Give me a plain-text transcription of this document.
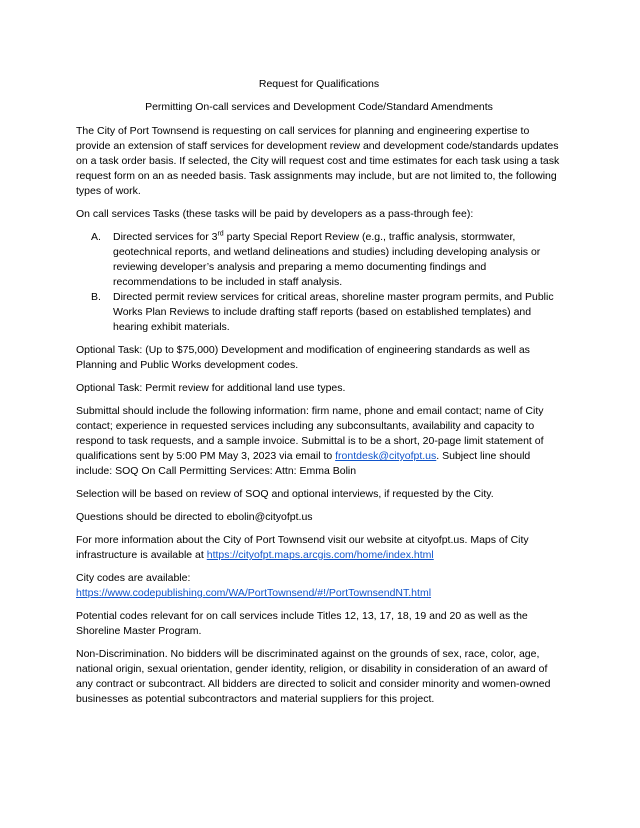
Request for Qualifications
Permitting On-call services and Development Code/Standard Amendments

The City of Port Townsend is requesting on call services for planning and engineering expertise to provide an extension of staff services for development review and development code/standards updates on a task order basis. If selected, the City will request cost and time estimates for each task using a task request form on an as needed basis. Task assignments may include, but are not limited to, the following types of work.

On call services Tasks (these tasks will be paid by developers as a pass-through fee):

A.	Directed services for 3rd party Special Report Review (e.g., traffic analysis, stormwater, geotechnical reports, and wetland delineations and studies) including developing analysis or reviewing developer’s analysis and preparing a memo documenting findings and recommendations to be included in staff analysis.
B.	Directed permit review services for critical areas, shoreline master program permits, and Public Works Plan Reviews to include drafting staff reports (based on established templates) and hearing exhibit materials.

Optional Task: (Up to $75,000) Development and modification of engineering standards as well as Planning and Public Works development codes.

Optional Task: Permit review for additional land use types.

Submittal should include the following information: firm name, phone and email contact; name of City contact; experience in requested services including any subconsultants, availability and capacity to respond to task requests, and a sample invoice. Submittal is to be a short, 20-page limit statement of qualifications sent by 5:00 PM May 3, 2023 via email to frontdesk@cityofpt.us. Subject line should include: SOQ On Call Permitting Services: Attn: Emma Bolin

Selection will be based on review of SOQ and optional interviews, if requested by the City.

Questions should be directed to ebolin@cityofpt.us

For more information about the City of Port Townsend visit our website at cityofpt.us. Maps of City infrastructure is available at https://cityofpt.maps.arcgis.com/home/index.html

City codes are available:
https://www.codepublishing.com/WA/PortTownsend/#!/PortTownsendNT.html

Potential codes relevant for on call services include Titles 12, 13, 17, 18, 19 and 20 as well as the Shoreline Master Program.

Non-Discrimination. No bidders will be discriminated against on the grounds of sex, race, color, age, national origin, sexual orientation, gender identity, religion, or disability in consideration of an award of any contract or subcontract. All bidders are directed to solicit and consider minority and women-owned businesses as potential subcontractors and material suppliers for this project.
